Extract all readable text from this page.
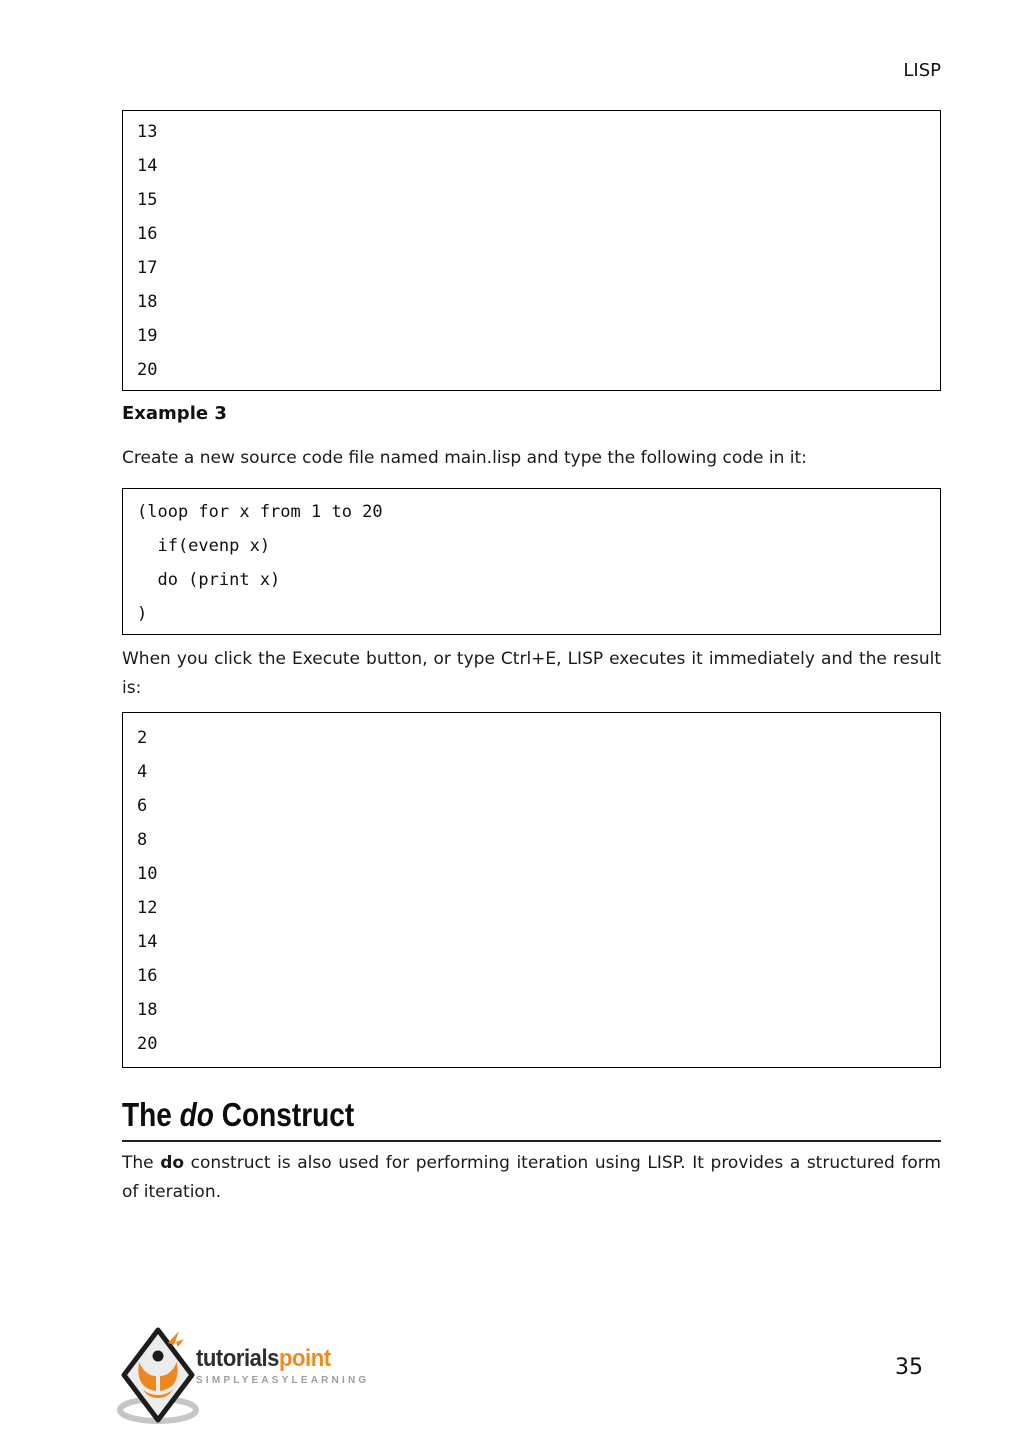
LISP
13
14
15
16
17
18
19
20
Example 3

Create a new source code file named main.lisp and type the following code in it:

(loop for x from 1 to 20
if(evenp x)
do (print x)
)

When you click the Execute button, or type Ctrl+E, LISP executes it immediately and the result is:

2
4
6
8
10
12
14
16
18
20
The do Construct

The do construct is also used for performing iteration using LISP. It provides a structured form of iteration.

tutorialspoint
SIMPLYEASYLEARNING
35
